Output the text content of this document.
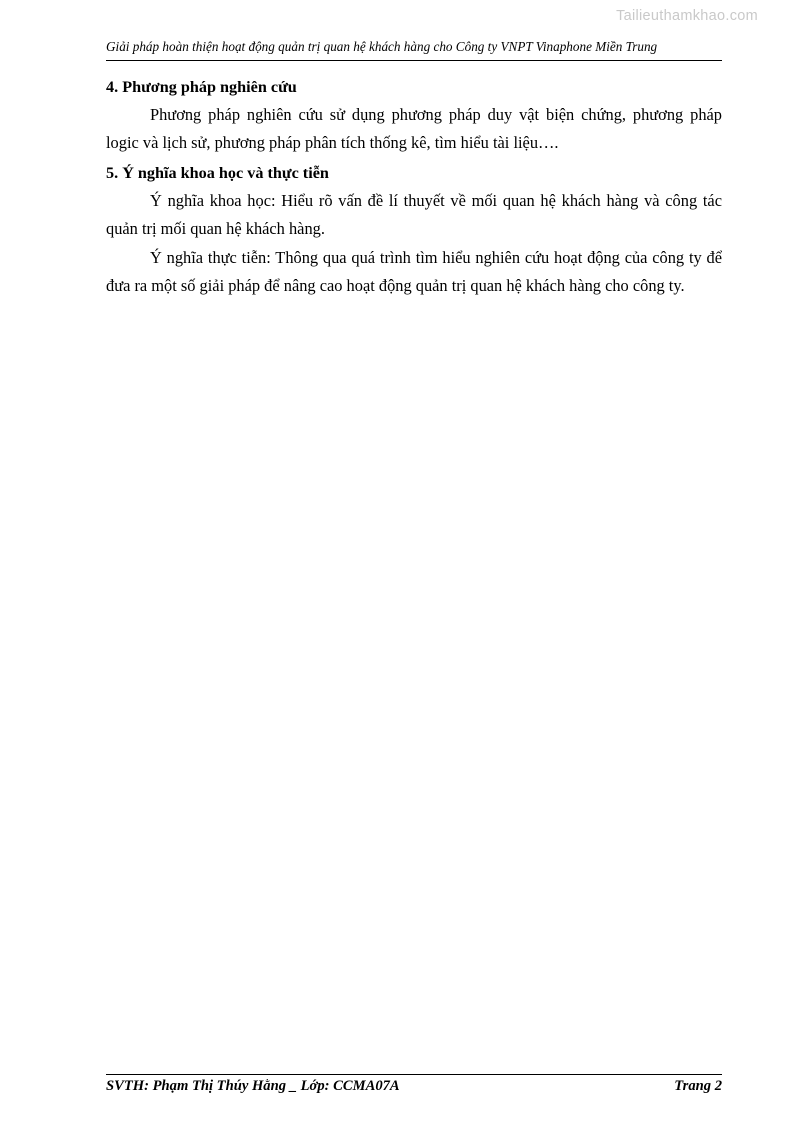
Tailieuthamkhao.com
Giải pháp hoàn thiện hoạt động quản trị quan hệ khách hàng cho Công ty VNPT Vinaphone Miền Trung

4. Phương pháp nghiên cứu

Phương pháp nghiên cứu sử dụng phương pháp duy vật biện chứng, phương pháp logic và lịch sử, phương pháp phân tích thống kê, tìm hiểu tài liệu….

5. Ý nghĩa khoa học và thực tiễn

Ý nghĩa khoa học: Hiểu rõ vấn đề lí thuyết về mối quan hệ khách hàng và công tác quản trị mối quan hệ khách hàng.

Ý nghĩa thực tiễn: Thông qua quá trình tìm hiểu nghiên cứu hoạt động của công ty để đưa ra một số giải pháp để nâng cao hoạt động quản trị quan hệ khách hàng cho công ty.

SVTH: Phạm Thị Thúy Hằng _ Lớp: CCMA07A	Trang 2
